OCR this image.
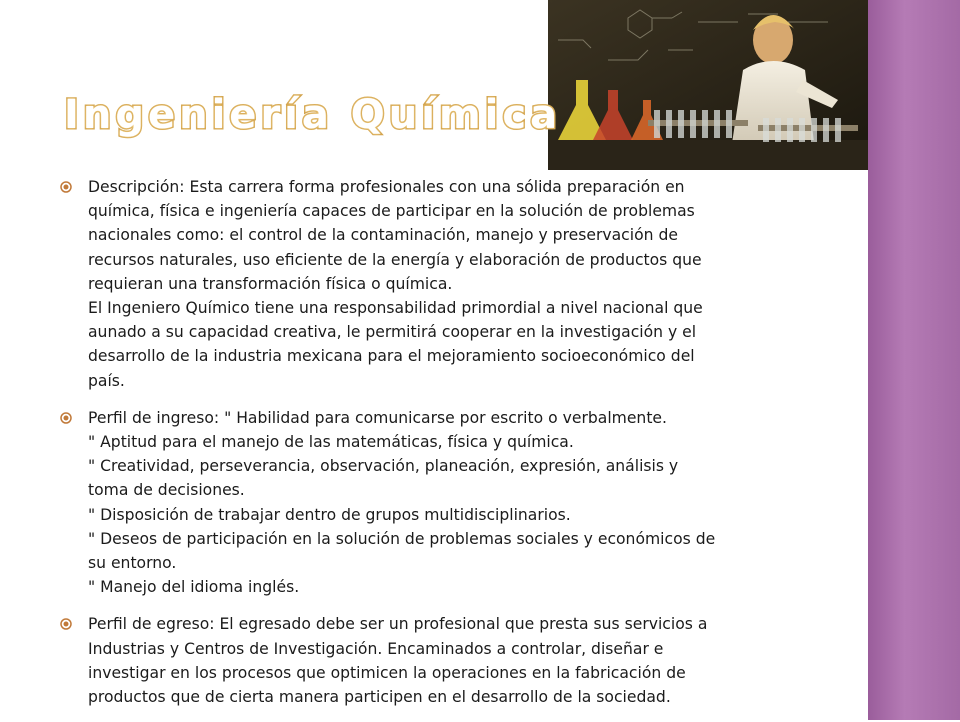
Ingeniería Química
Descripción: Esta carrera forma profesionales con una sólida preparación en
química, física e ingeniería capaces de participar en la solución de problemas
nacionales como: el control de la contaminación, manejo y preservación de
recursos naturales, uso eficiente de la energía y elaboración de productos que
requieran una transformación física o química.
El Ingeniero Químico tiene una responsabilidad primordial a nivel nacional que
aunado a su capacidad creativa, le permitirá cooperar en la investigación y el
desarrollo de la industria mexicana para el mejoramiento socioeconómico del
país.
Perfil de ingreso: " Habilidad para comunicarse por escrito o verbalmente.
" Aptitud para el manejo de las matemáticas, física y química.
" Creatividad, perseverancia, observación, planeación, expresión, análisis y
toma de decisiones.
" Disposición de trabajar dentro de grupos multidisciplinarios.
" Deseos de participación en la solución de problemas sociales y económicos de
su entorno.
" Manejo del idioma inglés.
Perfil de egreso: El egresado debe ser un profesional que presta sus servicios a
Industrias y Centros de Investigación. Encaminados a controlar, diseñar e
investigar en los procesos que optimicen la operaciones en la fabricación de
productos que de cierta manera participen en el desarrollo de la sociedad.
